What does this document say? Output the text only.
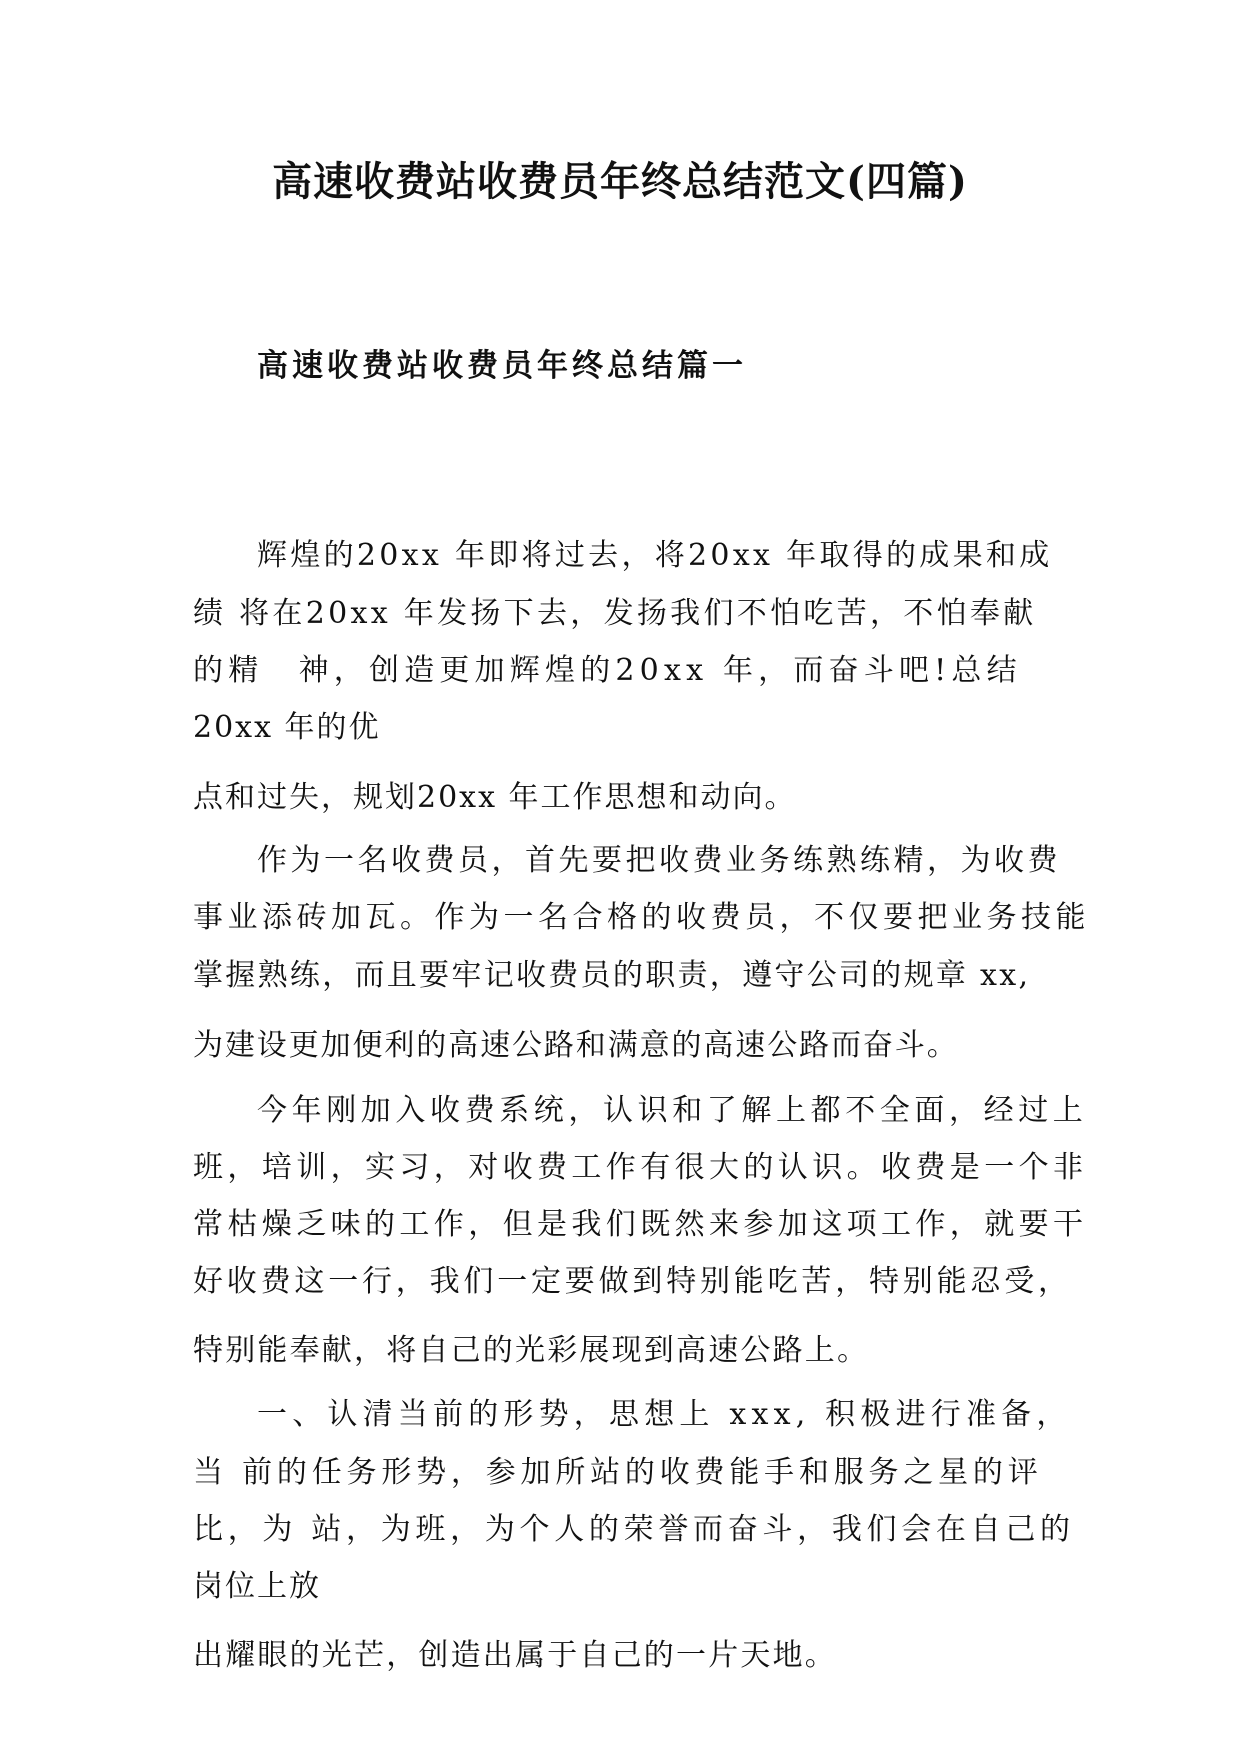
高速收费站收费员年终总结范文(四篇)
高速收费站收费员年终总结篇一
辉煌的20xx 年即将过去，将20xx 年取得的成果和成
绩 将在20xx 年发扬下去，发扬我们不怕吃苦，不怕奉献
的精　神，创造更加辉煌的20xx 年，而奋斗吧!总结
20xx 年的优
点和过失，规划20xx 年工作思想和动向。
作为一名收费员，首先要把收费业务练熟练精，为收费
事业添砖加瓦。作为一名合格的收费员，不仅要把业务技能
掌握熟练，而且要牢记收费员的职责，遵守公司的规章 xx,
为建设更加便利的高速公路和满意的高速公路而奋斗。
今年刚加入收费系统，认识和了解上都不全面，经过上
班，培训，实习，对收费工作有很大的认识。收费是一个非
常枯燥乏味的工作，但是我们既然来参加这项工作，就要干
好收费这一行，我们一定要做到特别能吃苦，特别能忍受，
特别能奉献，将自己的光彩展现到高速公路上。
一、认清当前的形势，思想上 xxx, 积极进行准备，
当 前的任务形势，参加所站的收费能手和服务之星的评
比，为 站，为班，为个人的荣誉而奋斗，我们会在自己的
岗位上放
出耀眼的光芒，创造出属于自己的一片天地。
